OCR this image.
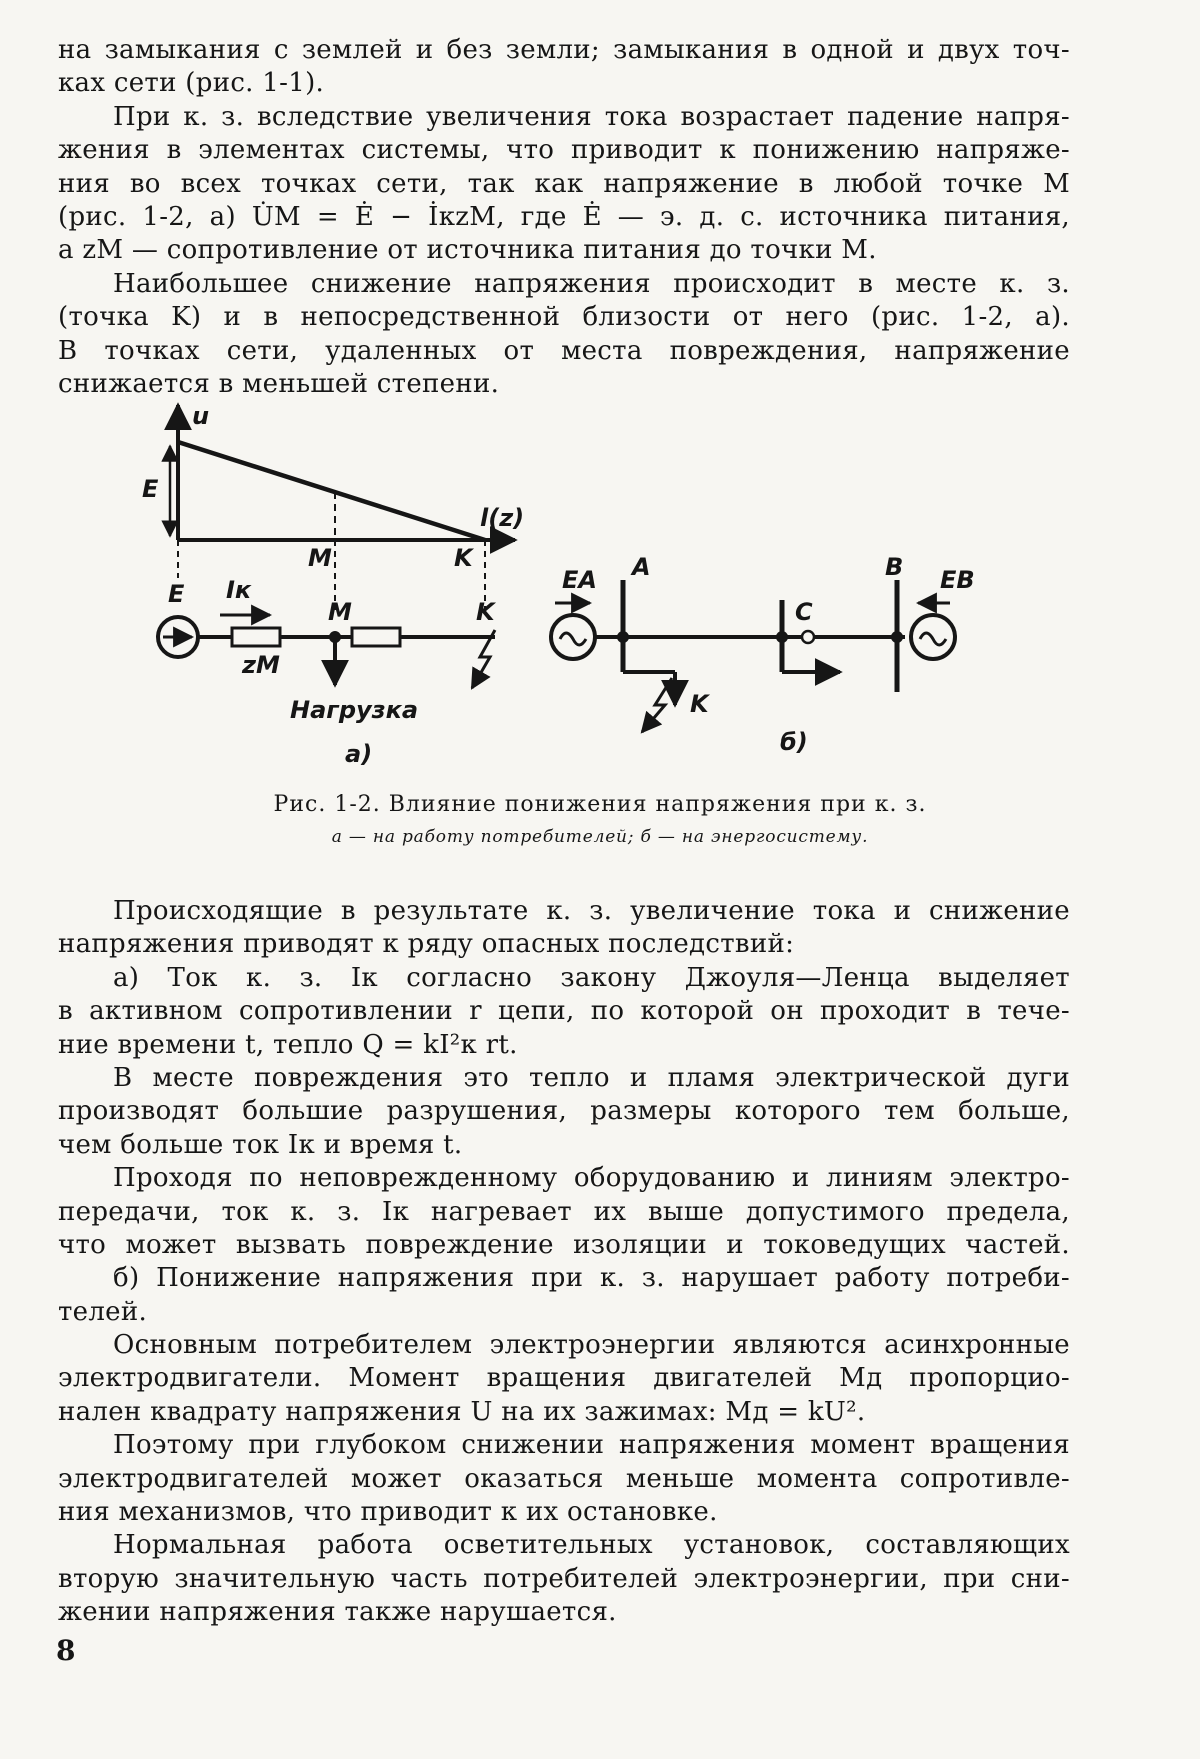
на замыкания с землей и без земли; замыкания в одной и двух точ-
ках сети (рис. 1-1).
При к. з. вследствие увеличения тока возрастает падение напря-
жения в элементах системы, что приводит к понижению напряже-
ния во всех точках сети, так как напряжение в любой точке M
(рис. 1-2, a) U̇M = Ė − İкzM, где Ė — э. д. с. источника питания,
а zM — сопротивление от источника питания до точки M.
Наибольшее снижение напряжения происходит в месте к. з.
(точка K) и в непосредственной близости от него (рис. 1-2, a).
В точках сети, удаленных от места повреждения, напряжение
снижается в меньшей степени.
u
E
l(z)
M	K
E Iк
M	K
zM
Нагрузка
a)
EA A	B EB
C
K
б)
Рис. 1-2. Влияние понижения напряжения при к. з.
а — на работу потребителей; б — на энергосистему.
Происходящие в результате к. з. увеличение тока и снижение
напряжения приводят к ряду опасных последствий:
а) Ток к. з. Iк согласно закону Джоуля—Ленца выделяет
в активном сопротивлении r цепи, по которой он проходит в тече-
ние времени t, тепло Q = kI²к rt.
В месте повреждения это тепло и пламя электрической дуги
производят большие разрушения, размеры которого тем больше,
чем больше ток Iк и время t.
Проходя по неповрежденному оборудованию и линиям электро-
передачи, ток к. з. Iк нагревает их выше допустимого предела,
что может вызвать повреждение изоляции и токоведущих частей.
б) Понижение напряжения при к. з. нарушает работу потреби-
телей.
Основным потребителем электроэнергии являются асинхронные
электродвигатели. Момент вращения двигателей Mд пропорцио-
нален квадрату напряжения U на их зажимах: Mд = kU².
Поэтому при глубоком снижении напряжения момент вращения
электродвигателей может оказаться меньше момента сопротивле-
ния механизмов, что приводит к их остановке.
Нормальная работа осветительных установок, составляющих
вторую значительную часть потребителей электроэнергии, при сни-
жении напряжения также нарушается.
8
